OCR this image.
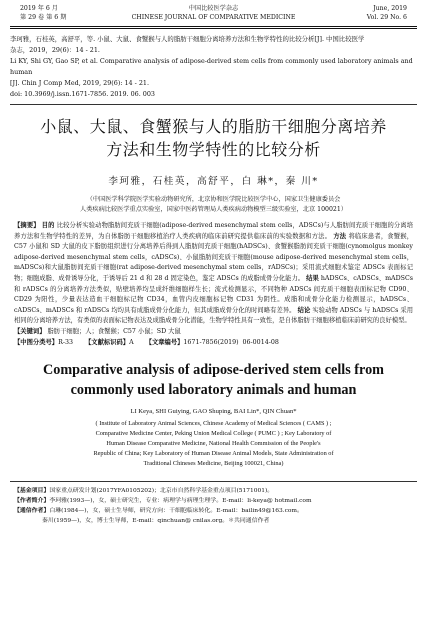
2019 年 6 月
第 29 卷 第 6 期
中国比较医学杂志
CHINESE JOURNAL OF COMPARATIVE MEDICINE
June, 2019
Vol. 29 No. 6

李珂雅，石桂英，高舒平，等. 小鼠、大鼠、食蟹猴与人的脂肪干细胞分离培养方法和生物学特性的比较分析[J]. 中国比较医学

杂志，2019，29(6)：14 - 21.

Li KY, Shi GY, Gao SP, et al. Comparative analysis of adipose-derived stem cells from commonly used laboratory animals and human

[J]. Chin J Comp Med, 2019, 29(6): 14 - 21.

doi: 10.3969/j.issn.1671-7856. 2019. 06. 003

小鼠、大鼠、食蟹猴与人的脂肪干细胞分离培养
方法和生物学特性的比较分析
李珂雅，石桂英，高舒平，白 琳*，秦 川*
（中国医学科学院医学实验动物研究所，北京协和医学院比较医学中心，国家卫生健康委员会
人类疾病比较医学重点实验室，国家中医药管理局人类疾病动物模型三级实验室，北京 100021）
【摘要】 目的 比较分析实验动物脂肪间充质干细胞(adipose-derived mesenchymal stem cells，ADSCs)与人脂肪间充质干细胞的分离培养方法和生物学特性的差异，为自体脂肪干细胞移植治疗人类疾病的临床前研究提供临床前的实验数据和方法。 方法 将临床患者，食蟹猴，C57 小鼠和 SD 大鼠的皮下脂肪组织进行分离培养后得到人脂肪间充质干细胞(hADSCs)、食蟹猴脂肪间充质干细胞(cynomolgus monkey adipose-derived mesenchymal stem cells，cADSCs)、小鼠脂肪间充质干细胞(mouse adipose-derived mesenchymal stem cells，mADSCs)和大鼠脂肪间充质干细胞(rat adipose-derived mesenchymal stem cells，rADSCs)；采用流式细胞术鉴定 ADSCs 表面标记物；细胞成脂、成骨诱导分化，于诱导后 21 d 和 28 d 固定染色，鉴定 ADSCs 的成脂成骨分化能力。 结果 hADSCs、cADSCs、mADSCs 和 rADSCs 的分离培养方法类似，贴壁培养均呈成纤维细胞样生长；流式检测显示，不同物种 ADSCs 间充质干细胞表面标记物 CD90、CD29 为阳性，少量表达造血干细胞标记物 CD34，血管内皮细胞标记物 CD31 为阴性。成脂和成骨分化能力检测显示，hADSCs、cADSCs、mADSCs 和 rADSCs 均均具有成脂成骨分化能力，但其成脂成骨分化的时间略有差异。 结论 实验动物 ADSCs 与 hADSCs 采用相同的分离培养方法，有类似的表面标记物表达及成脂成骨分化潜能，生物学特性具有一致性，是自体脂肪干细胞移植临床前研究的良好模型。
【关键词】 脂肪干细胞；人；食蟹猴；C57 小鼠；SD 大鼠
【中图分类号】R-33 【文献标识码】A 【文章编号】1671-7856(2019) 06-0014-08
Comparative analysis of adipose-derived stem cells from
commonly used laboratory animals and human
LI Keya, SHI Guiying, GAO Shuping, BAI Lin*, QIN Chuan*
( Institute of Laboratory Animal Sciences, Chinese Academy of Medical Sciences ( CAMS ) ;
Comparative Medicine Center, Peking Union Medical College ( PUMC ) ; Key Laboratory of
Human Disease Comparative Medicine, National Health Commission of the People's
Republic of China; Key Laboratory of Human Disease Animal Models, State Administration of
Traditional Chineses Medicine, Beijing 100021, China)

【基金项目】国家重点研发计划(2017YFA0105202)；北京市自然科学基金重点项目(5171001)。

【作者简介】李珂雅(1993—)，女，硕士研究生，专业：病理学与病理生理学。E-mail：li-keya@ hotmail.com

【通信作者】白琳(1984—)，女，硕士生导师，研究方向：干细胞临床转化。E-mail：bailin49@163.com。

秦川(1959—)，女，博士生导师，E-mail：qinchuan@ cnilas.org。＊共同通信作者
